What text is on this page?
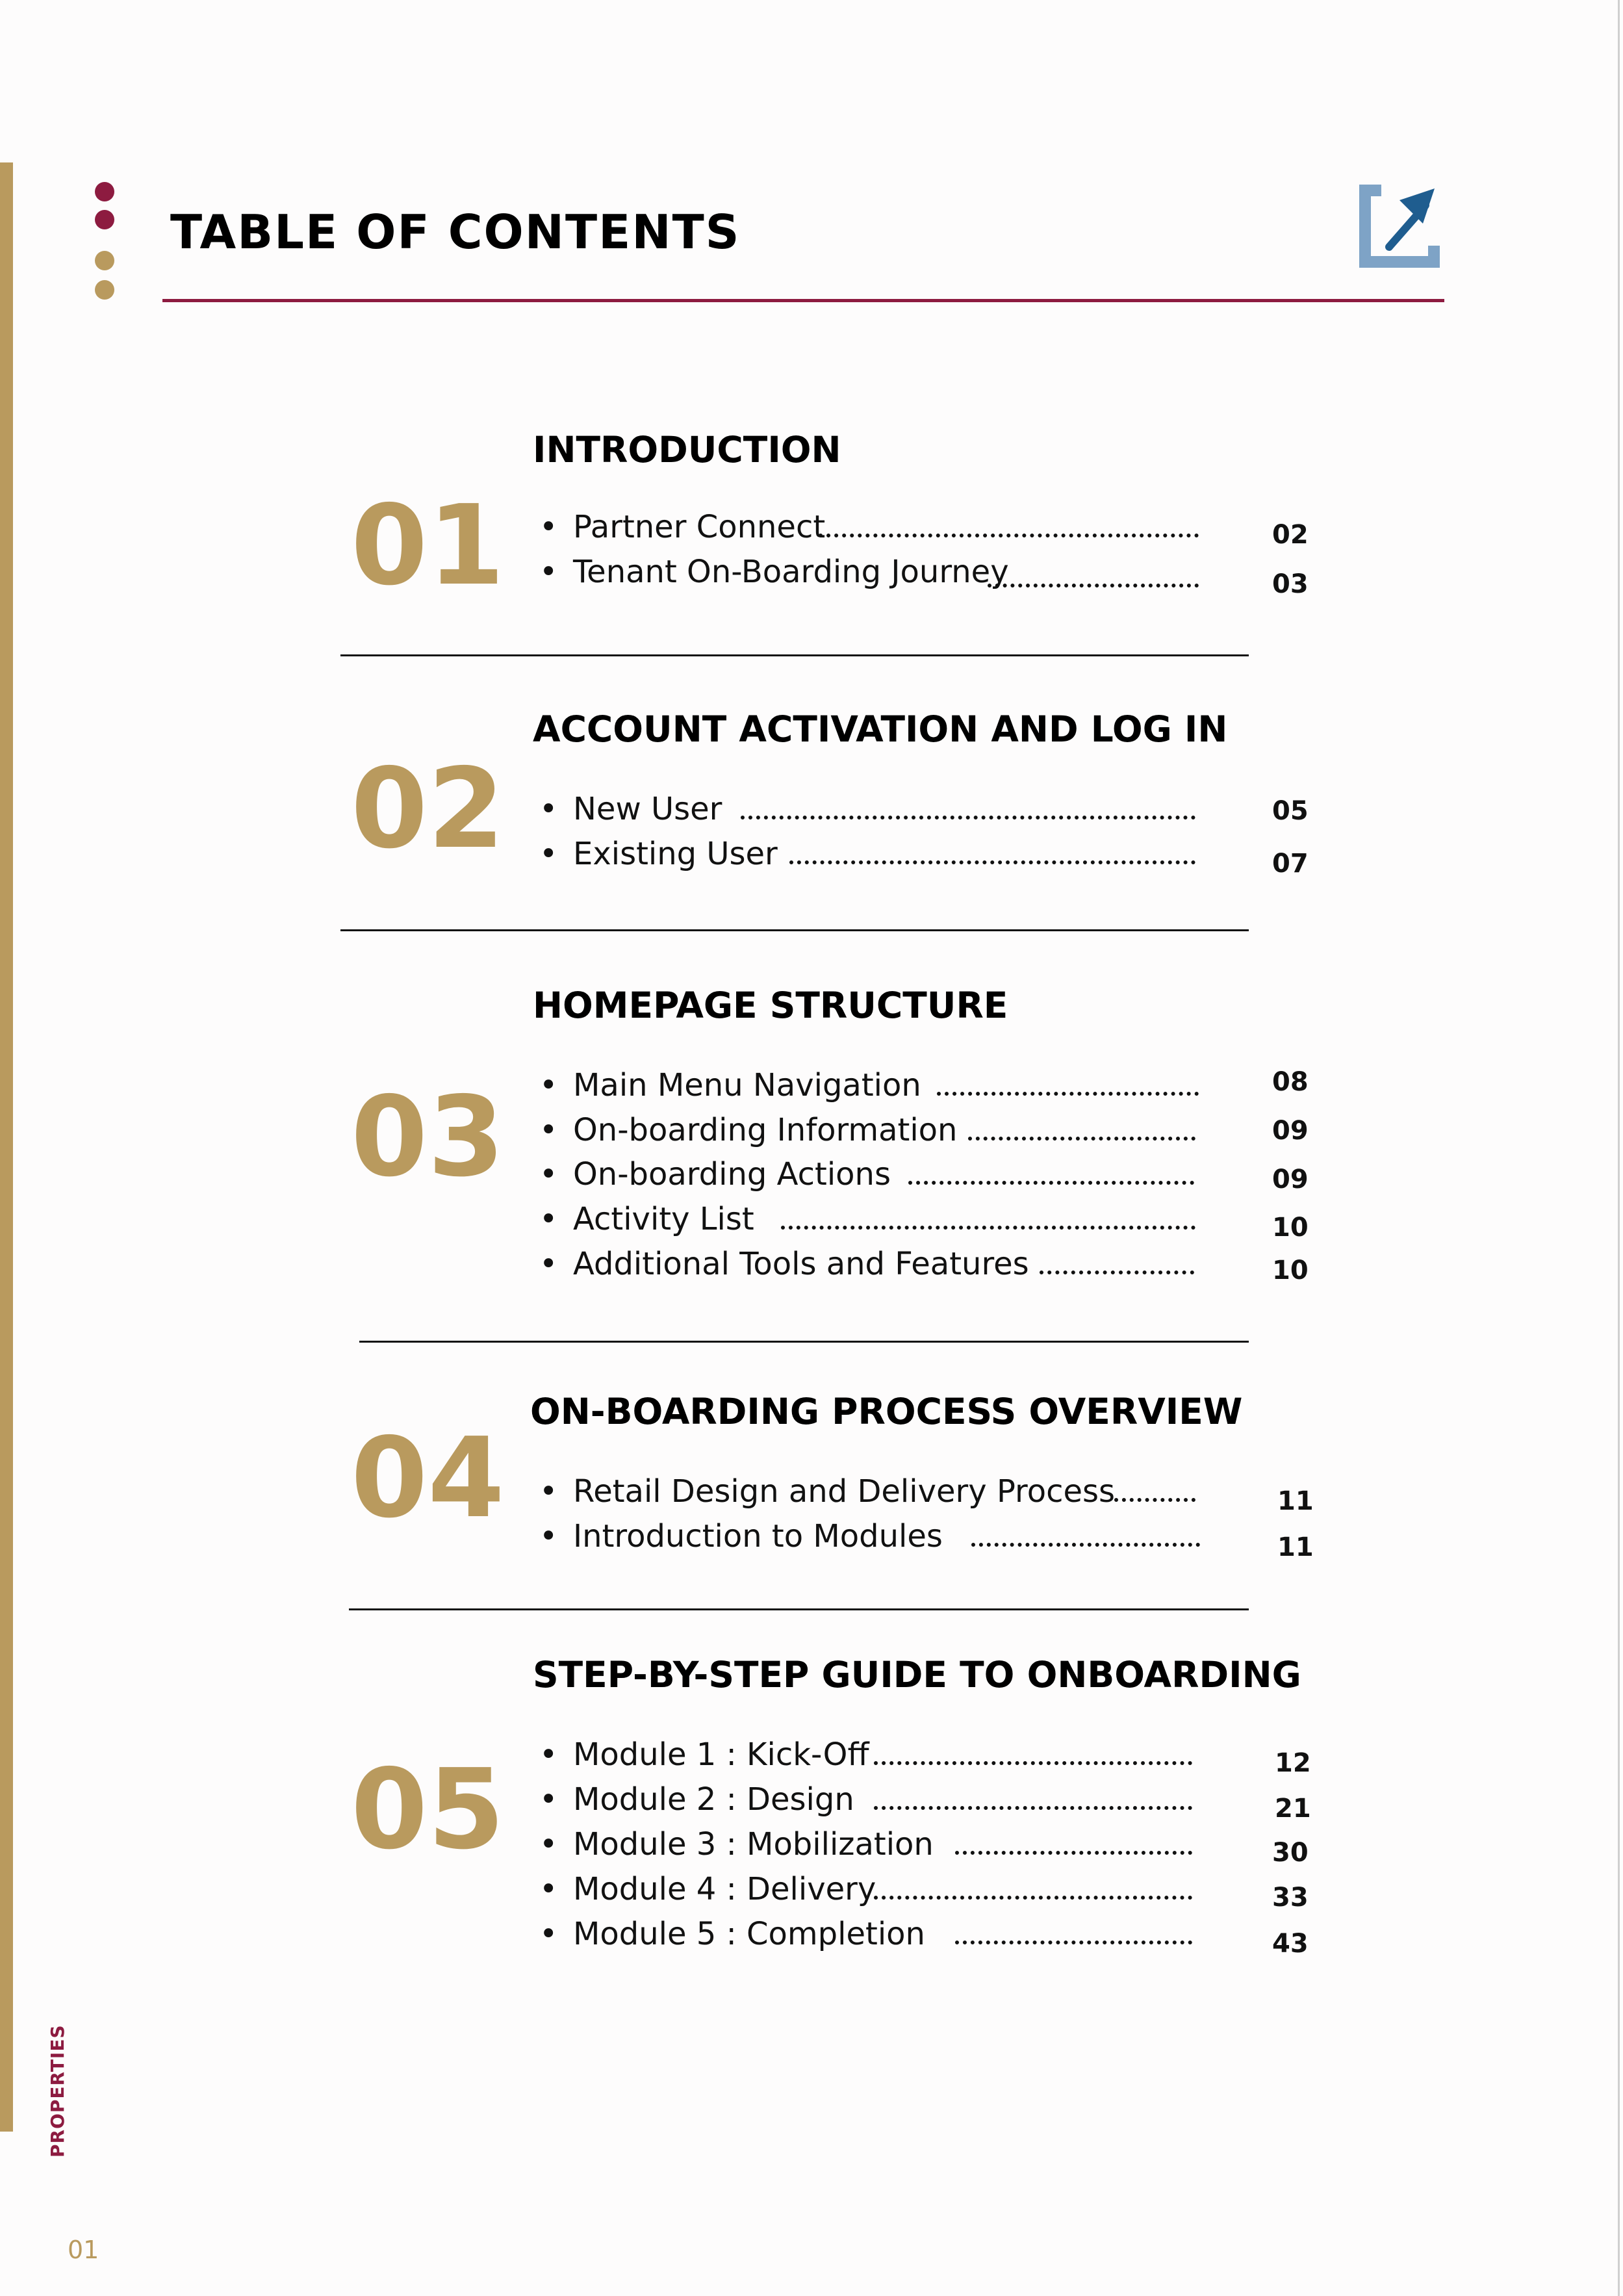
TABLE OF CONTENTS
01
INTRODUCTION
• Partner Connect	02
• Tenant On-Boarding Journey	03
02
ACCOUNT ACTIVATION AND LOG IN
• New User	05
• Existing User	07
03
HOMEPAGE STRUCTURE
• Main Menu Navigation	08
• On-boarding Information	09
• On-boarding Actions	09
• Activity List	10
• Additional Tools and Features	10
04
ON-BOARDING PROCESS OVERVIEW
• Retail Design and Delivery Process	11
• Introduction to Modules	11
05
STEP-BY-STEP GUIDE TO ONBOARDING
• Module 1 : Kick-Off	12
• Module 2 : Design	21
• Module 3 : Mobilization	30
• Module 4 : Delivery	33
• Module 5 : Completion	43
PROPERTIES
01
